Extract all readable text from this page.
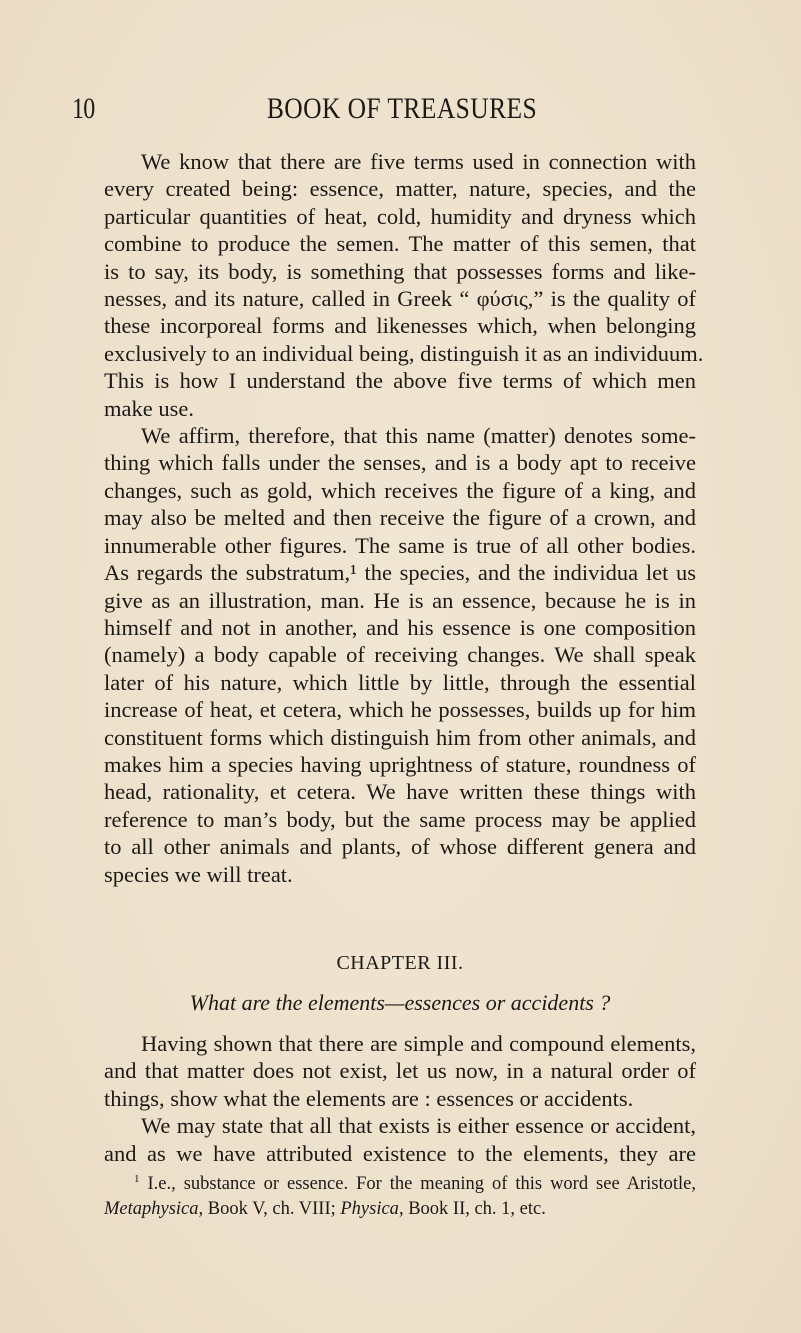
10	BOOK OF TREASURES
We know that there are five terms used in connection with
every created being: essence, matter, nature, species, and the
particular quantities of heat, cold, humidity and dryness which
combine to produce the semen. The matter of this semen, that
is to say, its body, is something that possesses forms and like-
nesses, and its nature, called in Greek “ φύσις,” is the quality of
these incorporeal forms and likenesses which, when belonging
exclusively to an individual being, distinguish it as an individuum.
This is how I understand the above five terms of which men
make use.
We affirm, therefore, that this name (matter) denotes some-
thing which falls under the senses, and is a body apt to receive
changes, such as gold, which receives the figure of a king, and
may also be melted and then receive the figure of a crown, and
innumerable other figures. The same is true of all other bodies.
As regards the substratum,¹ the species, and the individua let us
give as an illustration, man. He is an essence, because he is in
himself and not in another, and his essence is one composition
(namely) a body capable of receiving changes. We shall speak
later of his nature, which little by little, through the essential
increase of heat, et cetera, which he possesses, builds up for him
constituent forms which distinguish him from other animals, and
makes him a species having uprightness of stature, roundness of
head, rationality, et cetera. We have written these things with
reference to man’s body, but the same process may be applied
to all other animals and plants, of whose different genera and
species we will treat.
CHAPTER III.
What are the elements—essences or accidents ?
Having shown that there are simple and compound elements,
and that matter does not exist, let us now, in a natural order of
things, show what the elements are : essences or accidents.
We may state that all that exists is either essence or accident,
and as we have attributed existence to the elements, they are
$^1$ I.e., substance or essence. For the meaning of this word see Aristotle,
Metaphysica, Book V, ch. VIII; Physica, Book II, ch. 1, etc.
